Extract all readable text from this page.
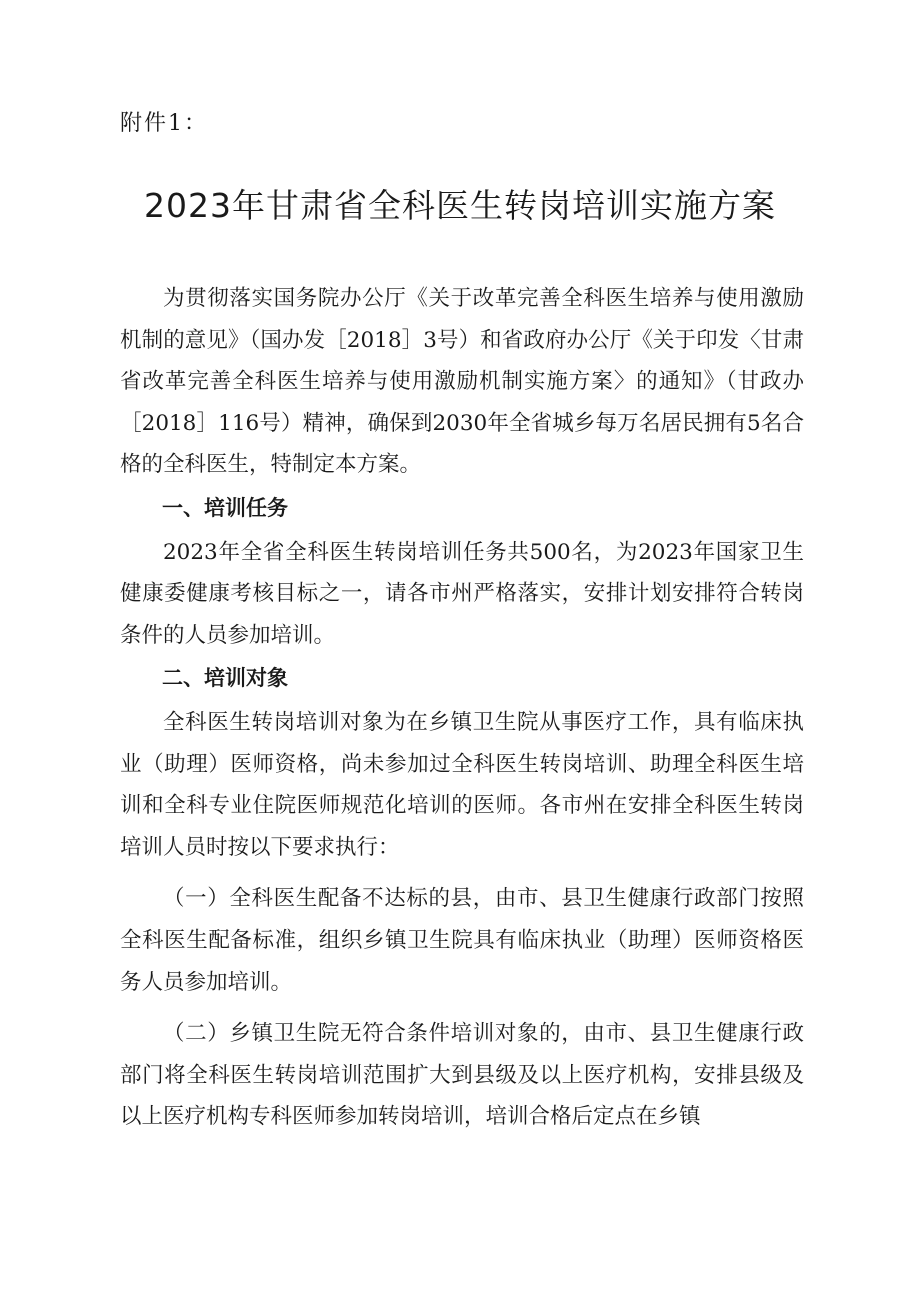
附件1：
2023年甘肃省全科医生转岗培训实施方案

为贯彻落实国务院办公厅《关于改革完善全科医生培养与使用激励机制的意见》（国办发［2018］3号）和省政府办公厅《关于印发〈甘肃省改革完善全科医生培养与使用激励机制实施方案〉的通知》（甘政办［2018］116号）精神，确保到2030年全省城乡每万名居民拥有5名合格的全科医生，特制定本方案。

一、培训任务

2023年全省全科医生转岗培训任务共500名，为2023年国家卫生健康委健康考核目标之一，请各市州严格落实，安排计划安排符合转岗条件的人员参加培训。

二、培训对象

全科医生转岗培训对象为在乡镇卫生院从事医疗工作，具有临床执业（助理）医师资格，尚未参加过全科医生转岗培训、助理全科医生培训和全科专业住院医师规范化培训的医师。各市州在安排全科医生转岗培训人员时按以下要求执行：

（一）全科医生配备不达标的县，由市、县卫生健康行政部门按照全科医生配备标准，组织乡镇卫生院具有临床执业（助理）医师资格医务人员参加培训。

（二）乡镇卫生院无符合条件培训对象的，由市、县卫生健康行政部门将全科医生转岗培训范围扩大到县级及以上医疗机构，安排县级及以上医疗机构专科医师参加转岗培训，培训合格后定点在乡镇
